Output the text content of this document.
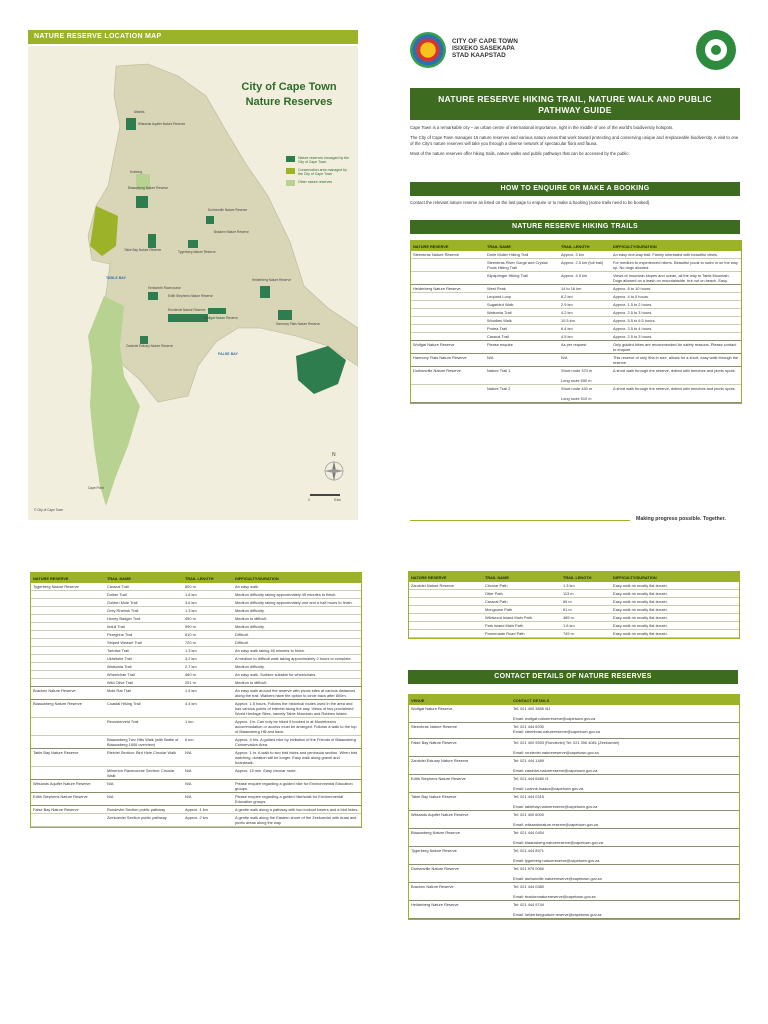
NATURE RESERVE LOCATION MAP
City of Cape Town
Nature Reserves
Nature reserves managed by the City of Cape Town
Conservation area managed by the City of Cape Town
Other nature reserves
Atlantis
Witsands Aquifer Nature Reserve
Blaauwberg Nature Reserve
Koeberg
Table Bay Nature Reserve	Tygerberg Nature Reserve
Durbanville Nature Reserve
Bracken Nature Reserve
Kenilworth Racecourse
Rondevlei Nature Reserve
Edith Stephens Nature Reserve
Wolfgat Nature Reserve
Helderberg Nature Reserve
Harmony Flats Nature Reserve
Zandvlei Estuary Nature Reserve
Cape Point
TABLE BAY
FALSE BAY
N
0	5 km
© City of Cape Town
CITY OF CAPE TOWN
ISIXEKO SASEKAPA
STAD KAAPSTAD
NATURE RESERVE HIKING TRAIL, NATURE WALK AND PUBLIC PATHWAY GUIDE

Cape Town is a remarkable city – an urban centre of international importance, right in the middle of one of the world's biodiversity hotspots.

The City of Cape Town manages 16 nature reserves and various nature areas that work toward protecting and conserving unique and irreplaceable biodiversity. A visit to one of the City's nature reserves will take you through a diverse network of spectacular flora and fauna.

Most of the nature reserves offer hiking trails, nature walks and public pathways that can be accessed by the public.

HOW TO ENQUIRE OR MAKE A BOOKING

Contact the relevant nature reserve as listed on the last page to enquire or to make a booking (some trails need to be booked).

NATURE RESERVE HIKING TRAILS
NATURE RESERVE	TRAIL NAME	TRAIL LENGTH	DIFFICULTY/DURATION
Steenbras Nature Reserve	Dorie Muller Hiking Trail	Approx. 3 km	An easy one-way trail. Family orientated with beautiful views.
	Steenbras River Gorge and Crystal Pools Hiking Trail	Approx. 2.5 km (full trail)	For medium to experienced hikers. Beautiful pools to swim in on the way up. No dogs allowed.
	Klipspringer Hiking Trail	Approx. 4.5 km	Views of mountain slopes and ocean, all the way to Table Mountain. Dogs allowed on a leash on mountainside, but not on beach. Easy.
Helderberg Nature Reserve	West Peak	14 to 16 km	Approx. 8 to 10 hours.
	Leopard Loop	8.2 km	Approx. 4 to 5 hours.
	Sugarbird Walk	2.9 km	Approx. 1.5 to 2 hours.
	Watsonia Trail	4.2 km	Approx. 2.5 to 3 hours.
	Woodies Walk	10.5 km	Approx. 5.5 to 6.5 hours.
	Protea Trail	6.4 km	Approx. 3.5 to 4 hours.
	Caracal Trail	4.5 km	Approx. 2.5 to 3 hours.
Wolfgat Nature Reserve	Please enquire	As per request	Only guided hikes are recommended for safety reasons. Please contact to enquire.
Harmony Flats Nature Reserve	N/A	N/A	This reserve of only 9ha in size, allows for a short, easy walk through the reserve.
Durbanville Nature Reserve	Nature Trail 1	Short route 370 m

Long route 550 m	A short walk through the reserve, dotted with benches and picnic spots.
	Nature Trail 2	Short route 440 m

Long route 510 m	A short walk through the reserve, dotted with benches and picnic spots.
Making progress possible. Together.
NATURE RESERVE	TRAIL NAME	TRAIL LENGTH	DIFFICULTY/DURATION
Tygerberg Nature Reserve	Caracal Trail	800 m	An easy walk.
	Duiker Trail	1.6 km	Medium difficulty taking approximately 45 minutes to finish.
	Golden Mole Trail	3.6 km	Medium difficulty taking approximately one and a half hours to finish.
	Grey Rhebok Trail	1.3 km	Medium difficulty.
	Honey Badger Trail	450 m	Medium to difficult.
	Induli Trail	990 m	Medium difficulty.
	Peregrine Trail	610 m	Difficult.
	Striped Weasel Trail	720 m	Difficult.
	Tortoise Trail	1.3 km	An easy walk taking 45 minutes to finish.
	Ukhetshe Trail	3.2 km	A medium to difficult walk taking approximately 2 hours to complete.
	Watsonia Trail	2.7 km	Medium difficulty.
	Wheelchair Trail	460 m	An easy walk. Surface suitable for wheelchairs.
	Wild Olive Trail	201 m	Medium to difficult.
Bracken Nature Reserve	Mole Rat Trail	1.5 km	An easy walk around the reserve with picnic sites at various distances along the trail. Walkers have the option to circle back after 800m.
Blaauwberg Nature Reserve	Coastal Hiking Trail	4.4 km	Approx. 1.5 hours. Follows the historical routes used in the area and has various points of interest along the way. Views of two proclaimed World Heritage Sites, namely Table Mountain and Robben Island.
	Renosterveld Trail	1 km	Approx. 1hr. Can only be hiked if booked in at Montebecho accommodation or access must be arranged. Follows a walk to the top of Blaauwberg Hill and back.
	Blaauwberg Two Hills Walk (with Battle of Blaauwberg 1806 overview)	6 km	Approx. 4 hrs. A guided hike by invitation of the Friends of Blaauwberg Conservation Area.
Table Bay Nature Reserve	Rietvlei Section: Bird Hide Circular Walk	N/A	Approx. 1 hr. A walk to two bird hides and peninsula section. When bird watching, duration will be longer. Easy walk along gravel and boardwalk.
	Milnerton Racecourse Section: Circular Walk	N/A	Approx. 15 min. Easy circular route.
Witsands Aquifer Nature Reserve	N/A	N/A	Please enquire regarding a guided hike for Environmental Education groups.
Edith Stephens Nature Reserve	N/A	N/A	Please enquire regarding a guided hike/walk for Environmental Education groups.
False Bay Nature Reserve	Rondevlei Section public pathway	Approx. 1 km	A gentle walk along a pathway with two lookout towers and a bird hides.
	Zeekoevlei Section public pathway	Approx. 2 km	A gentle walk along the Eastern shore of the Zeekoevlei with braai and picnic areas along the way.
NATURE RESERVE	TRAIL NAME	TRAIL LENGTH	DIFFICULTY/DURATION
Zandvlei Nature Reserve	Circular Path	1.3 km	Easy walk on mostly flat terrain.
	Otter Path	113 m	Easy walk on mostly flat terrain.
	Caracal Path	65 m	Easy walk on mostly flat terrain.
	Mongoose Path	61 m	Easy walk on mostly flat terrain.
	Wildwood Island Main Path	485 m	Easy walk on mostly flat terrain.
	Park Island Main Path	1.6 km	Easy walk on mostly flat terrain.
	Promenade Road Path	745 m	Easy walk on mostly flat terrain.
CONTACT DETAILS OF NATURE RESERVES
VENUE	CONTACT DETAILS
Wolfgat Nature Reserve	Tel: 021 400 3856 /61

Email: wolfgat.naturereserve@capetown.gov.za
Steenbras Nature Reserve	Tel: 021 444 6930
Email: steenbras.naturereserve@capetown.gov.za
False Bay Nature Reserve	Tel: 021 400 9593 (Rondevlei) Tel: 021 396 4081 (Zeekoevlei)

Email: rondevlei.naturereserve@capetown.gov.za
Zandvlei Estuary Nature Reserve	Tel: 021 444 1489

Email: zandvlei.naturereserve@capetown.gov.za
Edith Stephens Nature Reserve	Tel: 021 444 6480 /3

Email: Luanne.Isaacs@capetown.gov.za
Table Bay Nature Reserve	Tel: 021 444 0315

Email: tablebay.naturereserve@capetown.gov.za
Witsands Aquifer Nature Reserve	Tel: 021 400 6000

Email: witsandsnature.reserve@capetown.gov.za
Blaauwberg Nature Reserve	Tel: 021 444 0454

Email: blaauwberg.naturereserve@capetown.gov.za
Tygerberg Nature Reserve	Tel: 021 444 8971

Email: tygerberg.naturereserve@capetown.gov.za
Durbanville Nature Reserve	Tel: 021 979 0060

Email: durbanville.naturereserve@capetown.gov.za
Bracken Nature Reserve	Tel: 021 444 0380

Email: brackennaturereserve@capetown.gov.za
Helderberg Nature Reserve	Tel: 021 444 9744

Email: helderbergnature.reserve@capetown.gov.za
